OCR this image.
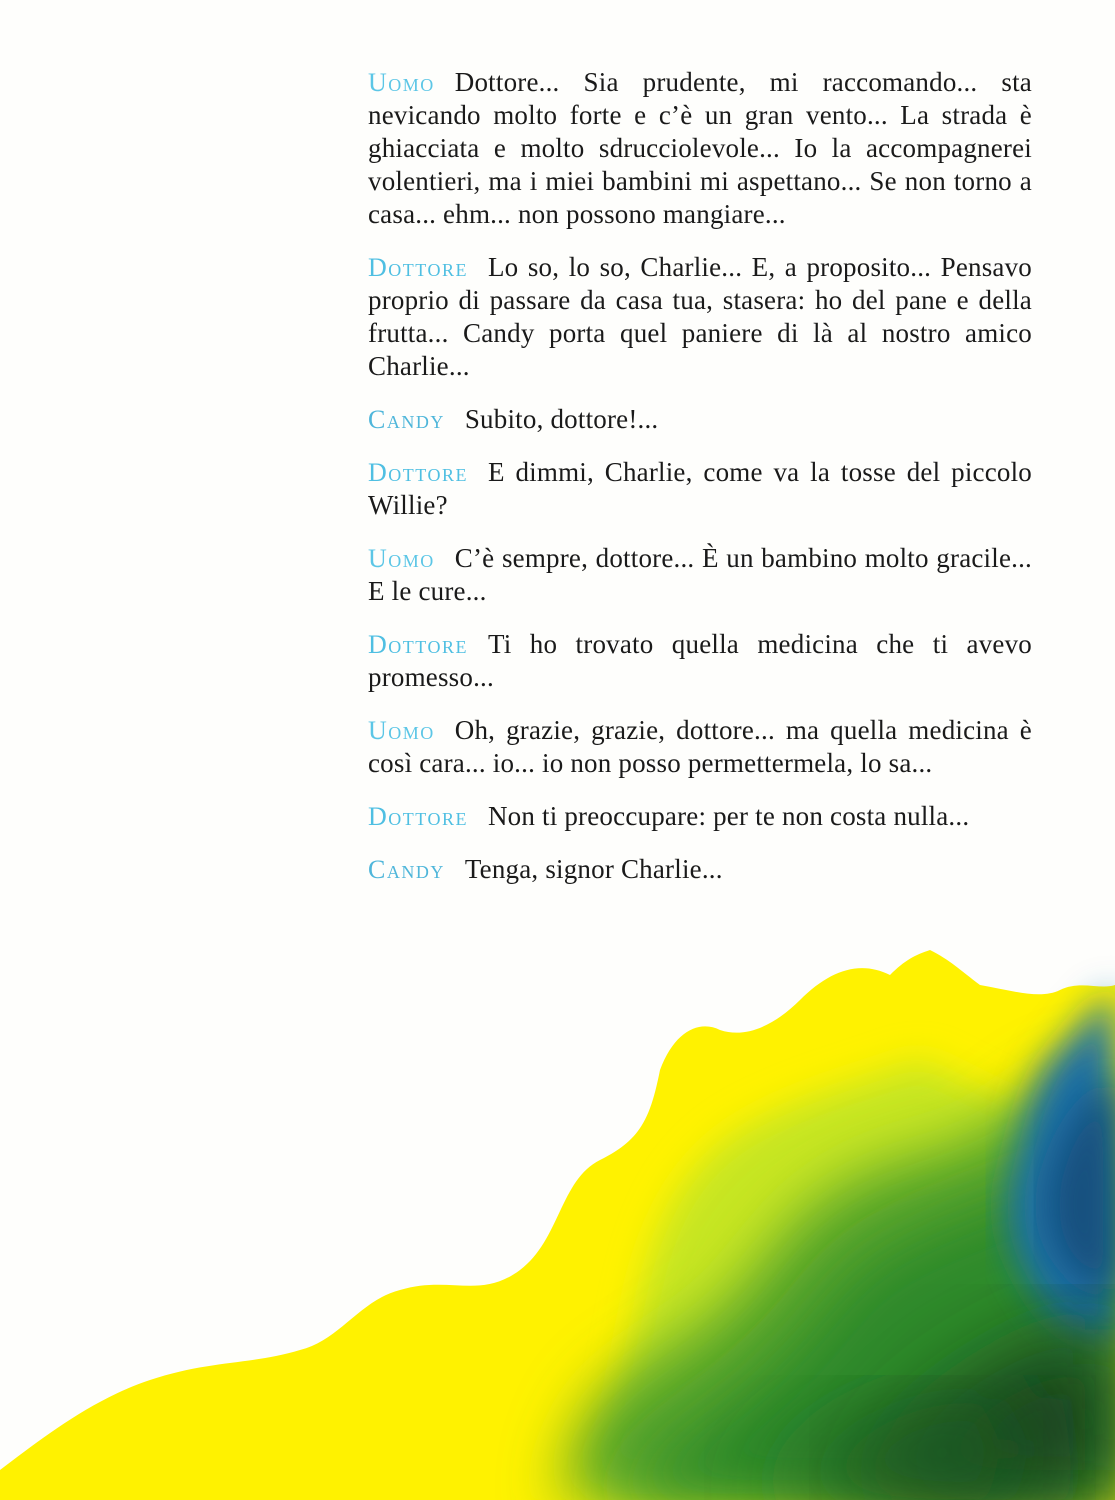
Uomo Dottore... Sia prudente, mi raccomando... sta nevicando molto forte e c’è un gran vento... La strada è ghiacciata e molto sdrucciolevole... Io la accompagnerei volentieri, ma i miei bambini mi aspettano... Se non torno a casa... ehm... non possono mangiare...

Dottore Lo so, lo so, Charlie... E, a proposito... Pensavo proprio di passare da casa tua, stasera: ho del pane e della frutta... Candy porta quel paniere di là al nostro amico Charlie...

Candy Subito, dottore!...

Dottore E dimmi, Charlie, come va la tosse del piccolo Willie?

Uomo C’è sempre, dottore... È un bambino molto gracile... E le cure...

Dottore Ti ho trovato quella medicina che ti avevo promesso...

Uomo Oh, grazie, grazie, dottore... ma quella medicina è così cara... io... io non posso permettermela, lo sa...

Dottore Non ti preoccupare: per te non costa nulla...

Candy Tenga, signor Charlie...
